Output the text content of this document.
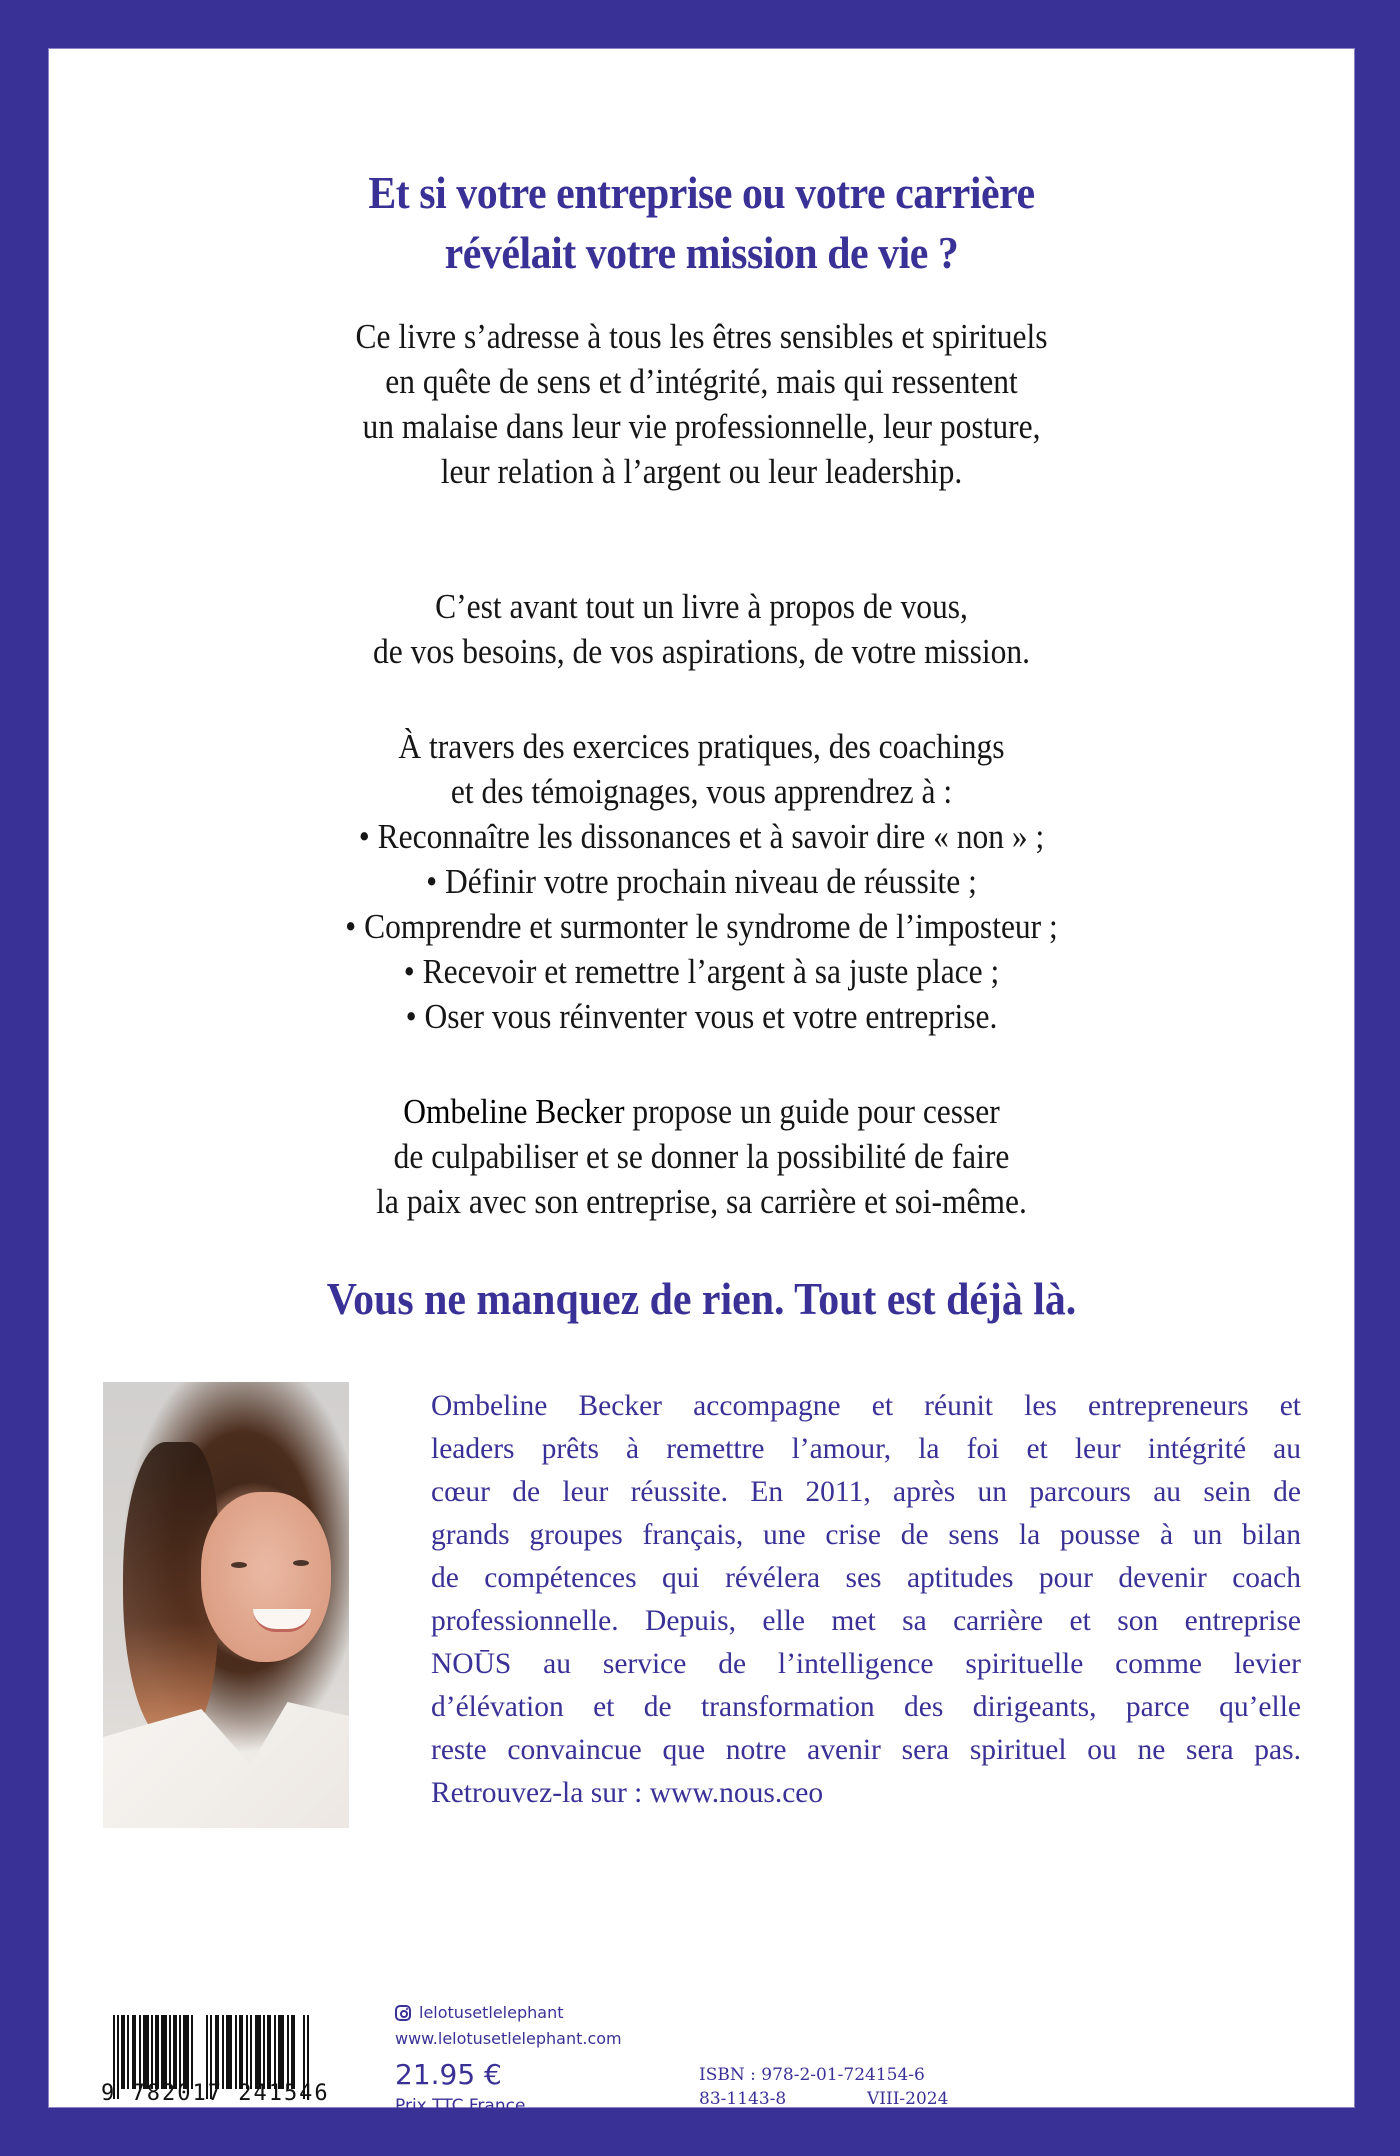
Et si votre entreprise ou votre carrière
révélait votre mission de vie ?
Ce livre s’adresse à tous les êtres sensibles et spirituels
en quête de sens et d’intégrité, mais qui ressentent
un malaise dans leur vie professionnelle, leur posture,
leur relation à l’argent ou leur leadership.
C’est avant tout un livre à propos de vous,
de vos besoins, de vos aspirations, de votre mission.
À travers des exercices pratiques, des coachings
et des témoignages, vous apprendrez à :
• Reconnaître les dissonances et à savoir dire « non » ;
• Définir votre prochain niveau de réussite ;
• Comprendre et surmonter le syndrome de l’imposteur ;
• Recevoir et remettre l’argent à sa juste place ;
• Oser vous réinventer vous et votre entreprise.
Ombeline Becker propose un guide pour cesser
de culpabiliser et se donner la possibilité de faire
la paix avec son entreprise, sa carrière et soi-même.
Vous ne manquez de rien. Tout est déjà là.
Ombeline Becker accompagne et réunit les entrepreneurs et
leaders prêts à remettre l’amour, la foi et leur intégrité au
cœur de leur réussite. En 2011, après un parcours au sein de
grands groupes français, une crise de sens la pousse à un bilan
de compétences qui révélera ses aptitudes pour devenir coach
professionnelle. Depuis, elle met sa carrière et son entreprise
NOŪS au service de l’intelligence spirituelle comme levier
d’élévation et de transformation des dirigeants, parce qu’elle
reste convaincue que notre avenir sera spirituel ou ne sera pas.
Retrouvez-la sur : www.nous.ceo
9 782017 241546
lelotusetlelephant
www.lelotusetlelephant.com
21.95 €
Prix TTC France
ISBN : 978-2-01-724154-6
83-1143-8	VIII-2024
